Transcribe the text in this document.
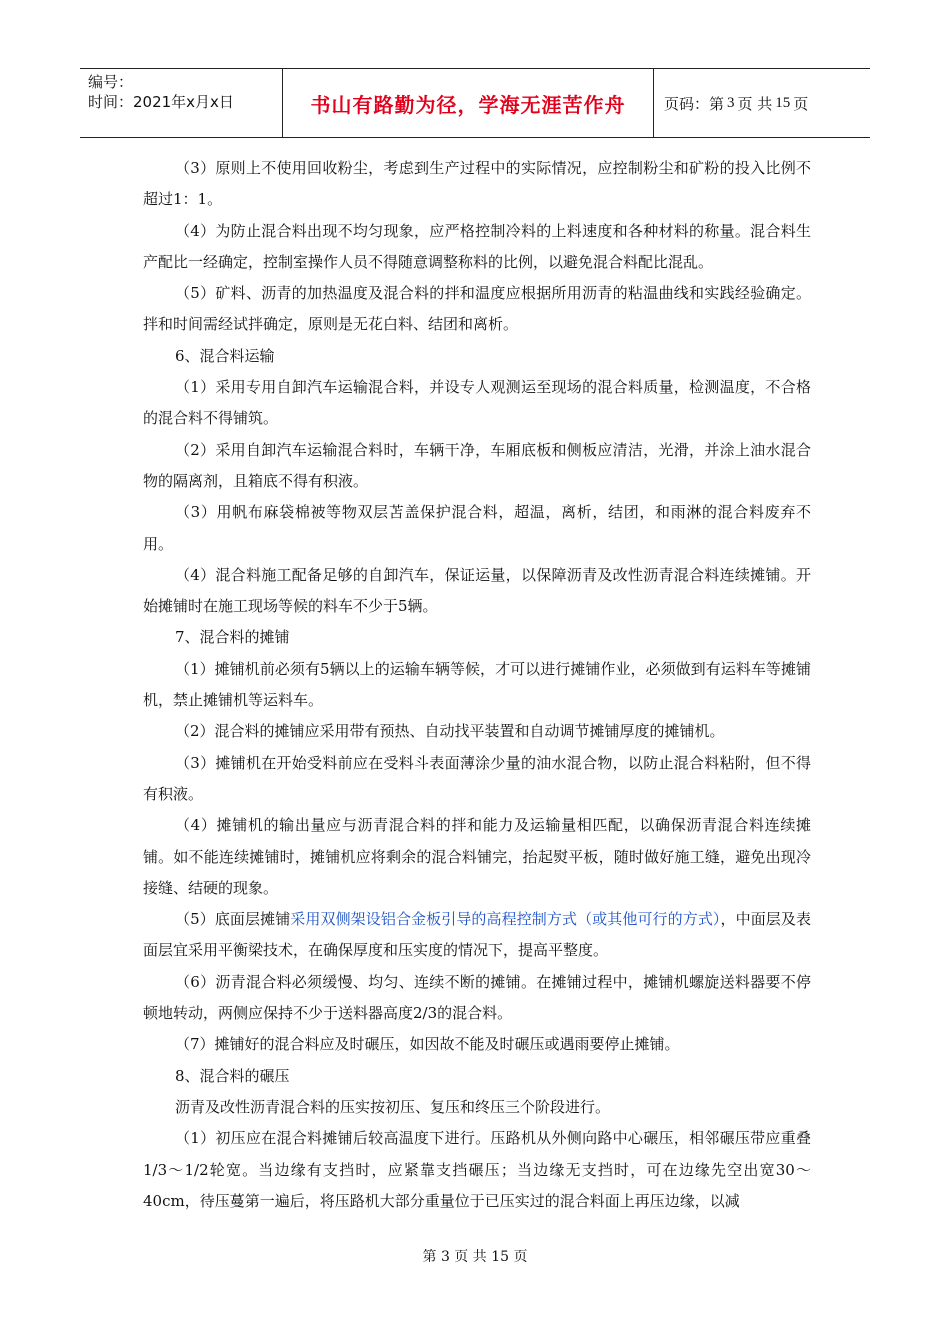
编号：
时间：2021年x月x日	书山有路勤为径，学海无涯苦作舟	页码：第 3 页 共 15 页

（3）原则上不使用回收粉尘，考虑到生产过程中的实际情况，应控制粉尘和矿粉的投入比例不超过1：1。

（4）为防止混合料出现不均匀现象，应严格控制冷料的上料速度和各种材料的称量。混合料生产配比一经确定，控制室操作人员不得随意调整称料的比例，以避免混合料配比混乱。

（5）矿料、沥青的加热温度及混合料的拌和温度应根据所用沥青的粘温曲线和实践经验确定。拌和时间需经试拌确定，原则是无花白料、结团和离析。

6、混合料运输

（1）采用专用自卸汽车运输混合料，并设专人观测运至现场的混合料质量，检测温度，不合格的混合料不得铺筑。

（2）采用自卸汽车运输混合料时，车辆干净，车厢底板和侧板应清洁，光滑，并涂上油水混合物的隔离剂，且箱底不得有积液。

（3）用帆布麻袋棉被等物双层苫盖保护混合料，超温，离析，结团，和雨淋的混合料废弃不用。

（4）混合料施工配备足够的自卸汽车，保证运量，以保障沥青及改性沥青混合料连续摊铺。开始摊铺时在施工现场等候的料车不少于5辆。

7、混合料的摊铺

（1）摊铺机前必须有5辆以上的运输车辆等候，才可以进行摊铺作业，必须做到有运料车等摊铺机，禁止摊铺机等运料车。

（2）混合料的摊铺应采用带有预热、自动找平装置和自动调节摊铺厚度的摊铺机。

（3）摊铺机在开始受料前应在受料斗表面薄涂少量的油水混合物，以防止混合料粘附，但不得有积液。

（4）摊铺机的输出量应与沥青混合料的拌和能力及运输量相匹配，以确保沥青混合料连续摊铺。如不能连续摊铺时，摊铺机应将剩余的混合料铺完，抬起熨平板，随时做好施工缝，避免出现冷接缝、结硬的现象。

（5）底面层摊铺采用双侧架设铝合金板引导的高程控制方式（或其他可行的方式），中面层及表面层宜采用平衡梁技术，在确保厚度和压实度的情况下，提高平整度。

（6）沥青混合料必须缓慢、均匀、连续不断的摊铺。在摊铺过程中，摊铺机螺旋送料器要不停顿地转动，两侧应保持不少于送料器高度2/3的混合料。

（7）摊铺好的混合料应及时碾压，如因故不能及时碾压或遇雨要停止摊铺。

8、混合料的碾压

沥青及改性沥青混合料的压实按初压、复压和终压三个阶段进行。

（1）初压应在混合料摊铺后较高温度下进行。压路机从外侧向路中心碾压，相邻碾压带应重叠1/3～1/2轮宽。当边缘有支挡时，应紧靠支挡碾压；当边缘无支挡时，可在边缘先空出宽30～40cm，待压蔓第一遍后，将压路机大部分重量位于已压实过的混合料面上再压边缘，以减

第 3 页 共 15 页
